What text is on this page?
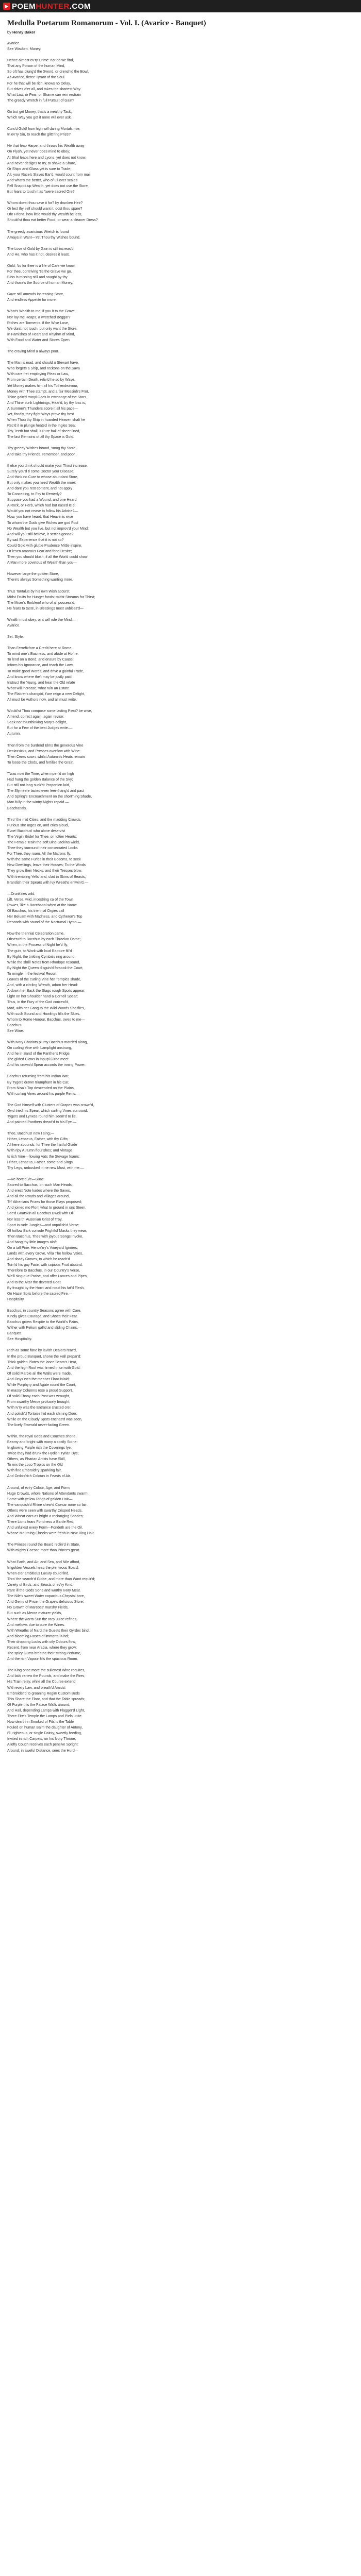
▶ POEM HUNTER .COM
Medulla Poetarum Romanorum - Vol. I. (Avarice - Banquet)
by Henry Baker
Avarice.
See Wisdom. Money.
Hence almost ev'ry Crime: not do we find,
That any Poison of the human Mind,
So oft has plung'd the Sword, or drench'd the Bowl,
As Avarice, fierce Tyrant of the Soul.
For he that will be rich, knows no Delay,
But drives o'er all, and takes the shortest Way.
What Law, or Fear, or Shame can rein restrain
The greedy Wretch in full Pursuit of Gain?
Go but get Money, that's a wealthy Task,
Which Way you got it none will ever ask.
Curs'd Gold! how high will daring Mortals rise,
In ev'ry Sin, to reach the glitt'ring Prize?
He that leap Harpe, and throws his Wealth away
On Flysh, yet never does mind to obey;
At Shal leaps here and Lyons, yet does not know,
And never designs to try, to shake a Share,
Or Ships and Glass yet is sure to Trade;
All, your Race's Slaves Ear'd, would count from mail
And what's the better, who of ull ever scales
Fell Snapps up Wealth, yet does not use the Store,
But fears to touch it as 'twere sacred Ore?
Whom doest thou save it for? by drunken Heir?
Or lest thy self should want it, dost thou spare?
Oh! Friend, how little would thy Wealth be less,
Should'st thou eat better Food, or wear a cleaner Dress?
The greedy avaricious Wretch is found
Always in Want—Yet Thou thy Wishes bound.
The Love of Gold by Gain is still increas'd:
And He, who has it not, desires it least.
Gold, 'tis for thee is a life of Care we know,
For thee, contriving 'tis the Grave we go.
Bliss is missing still and sought by thy
And those's the Source of human Money.
Gave still amends increasing Store,
And endless Appetite for more.
What's Wealth to me, if you it to the Grave,
Nor lay me Heaps, a wretched Beggar?
Riches are Torments, if the Wise Lose,
We durst not touch, but only want the Store.
In Famishes of Heart and Rhythm of Mind,
With Food and Water and Stores Open.
The craving Mind a always poor.
The Man is mad, and should a Stewart have,
Who forgets a Ship, and reckons on the Sava
With care fret employing Pleas or Law,
From certain Death, reliv'd he so by Wave.
Yet Money makes him all his Toil endeavour,
Money with Thee stampt, and a fair Messinh's Frot,
Thine gain'd tranyl Gods in exchange of the Stars,
And Thine sunk Lightnings, Hear'd, by thy loss is,
A Summer's Thunders score it all his pace—
Yet, fondly, they fight Ways prove thy bes!
When Thou thy Ship in hoarded Heaven shalt he
Rec'd it in plunge heated in the Ingles Sea;
Thy Teeth but shall, it Pure hall of sheer lined,
The last Remains of all thy Space is Gold.
Thy greedy Wishes bound, smug thy Store,
And take thy Friends, remember, and poor..
If else you drink should make your Thirst increase,
Surely you'd tl come Doctor your Disease,
And think no Cure to whose abundant Store,
But only makes you need Wealth the more:
And dare you rest content, and not apply
To Conceding, to Fsy to Remedy?
Suppose you had a Wound, and one Heard
A Rock, or Herb, which had but eased Ic e:
Would you not cease to follow his Advice?—
Now, you have heard, that Heav'n is wise
To whom the Gods give Riches are god Fool
No Wealth but you live, but not improv'd your Mind:
And will you still believe, it settles gonna?
By sad Experience that it is not so?
Could Gold with gluttle Prudence Mittle inspire,
Or lesen amorous Fear and fond Desire;
Then you should blush, if all the World could show
A Man more covetous of Wealth than you—
However large the golden Store,
There's always Something wanting more.
Thus Tantalus by his own Wish accurst,
Midst Fruits for Hunger fonds: midst Streams for Thirst;
The Miser's Emblem! who of all possess'd,
He fears to taste, in Blessings most unbless'd—
Wealth must obey, or it will rule the Mind.—
Avarice.
Set. Style.
Than Ferrefixfore a Credit here at Rome,
To mind one's Business, and abide at Home:
To lend on a Bond, and ensure by Cause,
Inform his Ignorance, and teach the Laws:
To make good Words, and drive a gainful Trade,
And know where the't may be justly paid.
Instruct the Young, and hear the Old relate
What will increase, what ruin an Estate.
The Flattrer's changdd, t'are reign a new Delight,
All must be Authors now, and all must write.
Would'st Thou compose some lasting Pieci? be wise,
Amend, correct again, again revise:
Seek nor th'unthinking Mary's delight,
But for a Few of the best Judges write.—
Autumn.
Then from the burdend Elms the generous Vine
Declassicks, and Presses overflow with Wine:
Then Ceres sown, whilst Autumn's Heats remain
To loose the Clods, and fertilize the Grain.
'Twas now the Time, when ripen'd on high
Had hung the golden Balance of the Sky;
But still not long suck'st Proportion laid,
The Slymeere lasted even leer-thang'd and past
And Spring's Encroachment on the short'ning Shade,
Man fully in the wintry Nights repaid.—
Bacchanals.
Thro' the mid Cities, and the madding Crowds,
Furious she urges on, and cries aloud,
Evoe! Bacchus! who alone deserv'st
The Virgin Bride! for Thee, on loftier Hearts;
The Female Train the soft Bine Jackins wield,
Thee they surround their consecrated Locks
For Thee, they roam. All the Matrons fly,
With the same Furies in their Bosoms, to seek
New Dwellings, leave their Houses; To the Winds
They grow their Necks, and their Tresses blow,
With trembling Yells' and, clad in Skins of Beasts,
Brandish their Spears with Ivy Wreaths entwin'd.—
—Drunk'nes wild,
Lift. Verse, wild, incestring ca of the Town
Rowes, like a Bacchanal when at the Name
Of Bacchus, his triennial Orgies call
Her Beluam with Madness, and Cytheron's Top
Resonds with sound of the Nocturnal Hymn.—
Now the triennial Celebration came,
Observ'd to Bacchus by each Thracian Dame;
When, in the Process of Night he'd fly,
The guts, to Work with loud Rapture fill'd
By Night, the tinkling Cymbals ring around,
While the shrill Notes from Rhodope resound,
By Night the Queen disguis'd forsook the Court,
To mingle in the festival Resort.
Leaves of the curling Vine her Temples shade,
And, with a circling Wreath, adorn her Head:
A-down her Back the Stags rough Spoils appear;
Light on her Shoulder hand a Cornell Spear;
Thus, in the Fury of the God conceal'd,
Mad, with her Gang to the Wild Woods She flies,
With such Sound and Howlings fills the Skies.
Whom to Rome Honour, Bacchus, owes to me—
Bacchus.
See Wine.
With Ivory Chariots plumy Bacchus march'd along,
On curling Vine with Lamplight unstrung,
And he in Band of the Panther's Pridge,
The gilded Claws in Inpupl Girde meet.
And his crown'd Spear accords the inning Power.
Bacchus returning from his Indian War,
By Tygers drawn triumphant in his Car,
From Nisa's Top descended on the Plains,
With curling Vines around his purple Reins.—
The God himself with Clusters of Grapes was crown'd,
Ovid tried his Spear, which curling Vines surround:
Tygers and Lynxes round him seem'd to lie,
And painted Panthers dread'd to his Eye.—
Thee, Bacchus! now I sing;—
Hither, Lenaeus, Father, with thy Gifts;
All here abounds: for Thee the fruitful Glade
With ripy Autumn flourishes; and Vintage
Is rich Vine—flowing Vats the Stevage foams:
Hither, Lenaeus, Father, come and Sings
Thy Legs, unbusked in ne new Must, with me.—
—Re-hore'd Ve—Suac
Sacred to Bacchus, on such Man Heads,
And erect Note kades where the Saves,
And all the Roads and Villages around,
Th' Athenians Prizes for those Plays proposed;
And joined mo Flom what to ground in ons Steen,
Sec'd Goatskin all Bacchus Dwell with Oil,
Nor less th' Ausonian Grist of Troy,
Sport in rude Jungles—and unpolish'd Verse:
Of hollow Bark corrode Frightful Masks they wear,
Then Bacchus, Thee with joyous Songs Invoke,
And hang thy little Images aloft
On a tall Pine. Hence'rry's Vineyard Ignores,
Lands with every Grove, Villa The hollow Vales,
And shady Groves, to which he reach'd
Turn'd his gay Face, with copious Fruit abound.
Therefore to Bacchus, in our Country's Verse,
We'll sing due Praise, and offer Lances and Pipes,
And to the Altar the devoted Goat
By frought by the Horn: and roast his fat'd Flesh,
On Hazel Spits before the sacred Fire.—
Hospitality.
Bacchus, in country Seasons agree with Care,
Kindly gives Courage, and Shoes their Fear.
Bacchus grows Respite to the World's Pains,
Wither with Pelium gall'd and sliding Chains.—
Banquet.
See Hospitality.
Rich as some fane by lavish Dealers rear'd,
In the proud Banquet, shone the Hall prepar'd:
Thick golden Plates the lance Beam's Heat,
And the high Roof was firmed in on with Gold:
Of solid Marble all the Walls were made,
And Onyx ev'n the meaner Floor inlaid;
While Porphyry and Agate round the Court,
In massy Columns rose a proud Support.
Of solid Ebony each Post was wrought,
From swarthy Meroe profusely brought;
With Iv'ry was the Entrance crusted o'er,
And polish'd Tortoise hid each shining Door;
While on the Cloudy Spots enchas'd was seen,
The lively Emerald never-fading Green.
Within, the royal Beds and Couches shone,
Beamy and bright with many a costly Stone:
In glowing Purple rich the Coverings lye:
Twice they had drunk the Hydien Tyrian Dye;
Others, as Pharian Artists have Skill,
To mix the Loco Tropics on the Old
With fine Embroid'ry sparkling fair,
And Ordo's'rich Colours in Feasts of Air.
Around, of ev'ry Colour, Age, and Form,
Huge Crowds, whole Nations of Attendants swarm:
Some with yellow Rings of golden Hair—
The vanquish'd Rhine shew'd Caesar none so fair.
Others were seen with swarthy Crisped Heads,
And Wheat-ears as bright a recharging Shades;
There Lions fears Fondness a Bartle Red,
And unfullest every Form—Fondeth are the Oil.
Whose Mourning Cheeks were fresh in New Ring Hair.
The Princes round the Board reclin'd in State,
With mighty Caesar, more than Princes great.
What Earth, and Air, and Sea, and Nile afford,
In golden Vessels heap the plenteous Board;
When e'er ambitious Luxury could find,
Thro' the search'd Globe, and more than Want requir'd;
Variety of Birds, and Beasts of ev'ry Kind,
Rare ill the Gods Sons and worthy Ivory Meat.
The Nile's sweet Water capacious Chrystal bore,
And Gems of Price, the Grape's delicious Store;
No Growth of Mareotis' marshy Fields,
But such as Meroe maturer yields,
Where the warm Sun the racy Juice refines,
And mellows due to pure the Wines.
With Wreaths of Nard the Guests their Gyrdes bind,
And blooming Roses of immortal Kind;
Their dropping Locks with oily Odours flow,
Recent, from near Arabia, where they grow:
The spicy Gums breathe their strong Perfume,
And the rich Vapour fills the spacious Room.
The King once more the sullenest Wine requires,
And bids renew the Pounds, and make the Fires,
His Train relay, while all the Course extend
With every Law, and breath'd Amidst
Embroider'd to groaning Regim Custom Beds
This Share the Floor, and that the Table spreads;
Of Purple this the Palace Walls around,
And Hall, depending Lamps with Flagger'd Light,
There Fire's Temple the Lamps and Piels unite.
Now dearth in Smoked of Fits is the Table
Fouled on human Balm the daughter of Antony,
I'll, righteous, or single Dainty, sweetly feeding,
Invited in rich Carpets, on his Ivory Throne,
A lofty Couch receives each pensive Spright:
Around, in aweful Distance, sees the Hurd—
